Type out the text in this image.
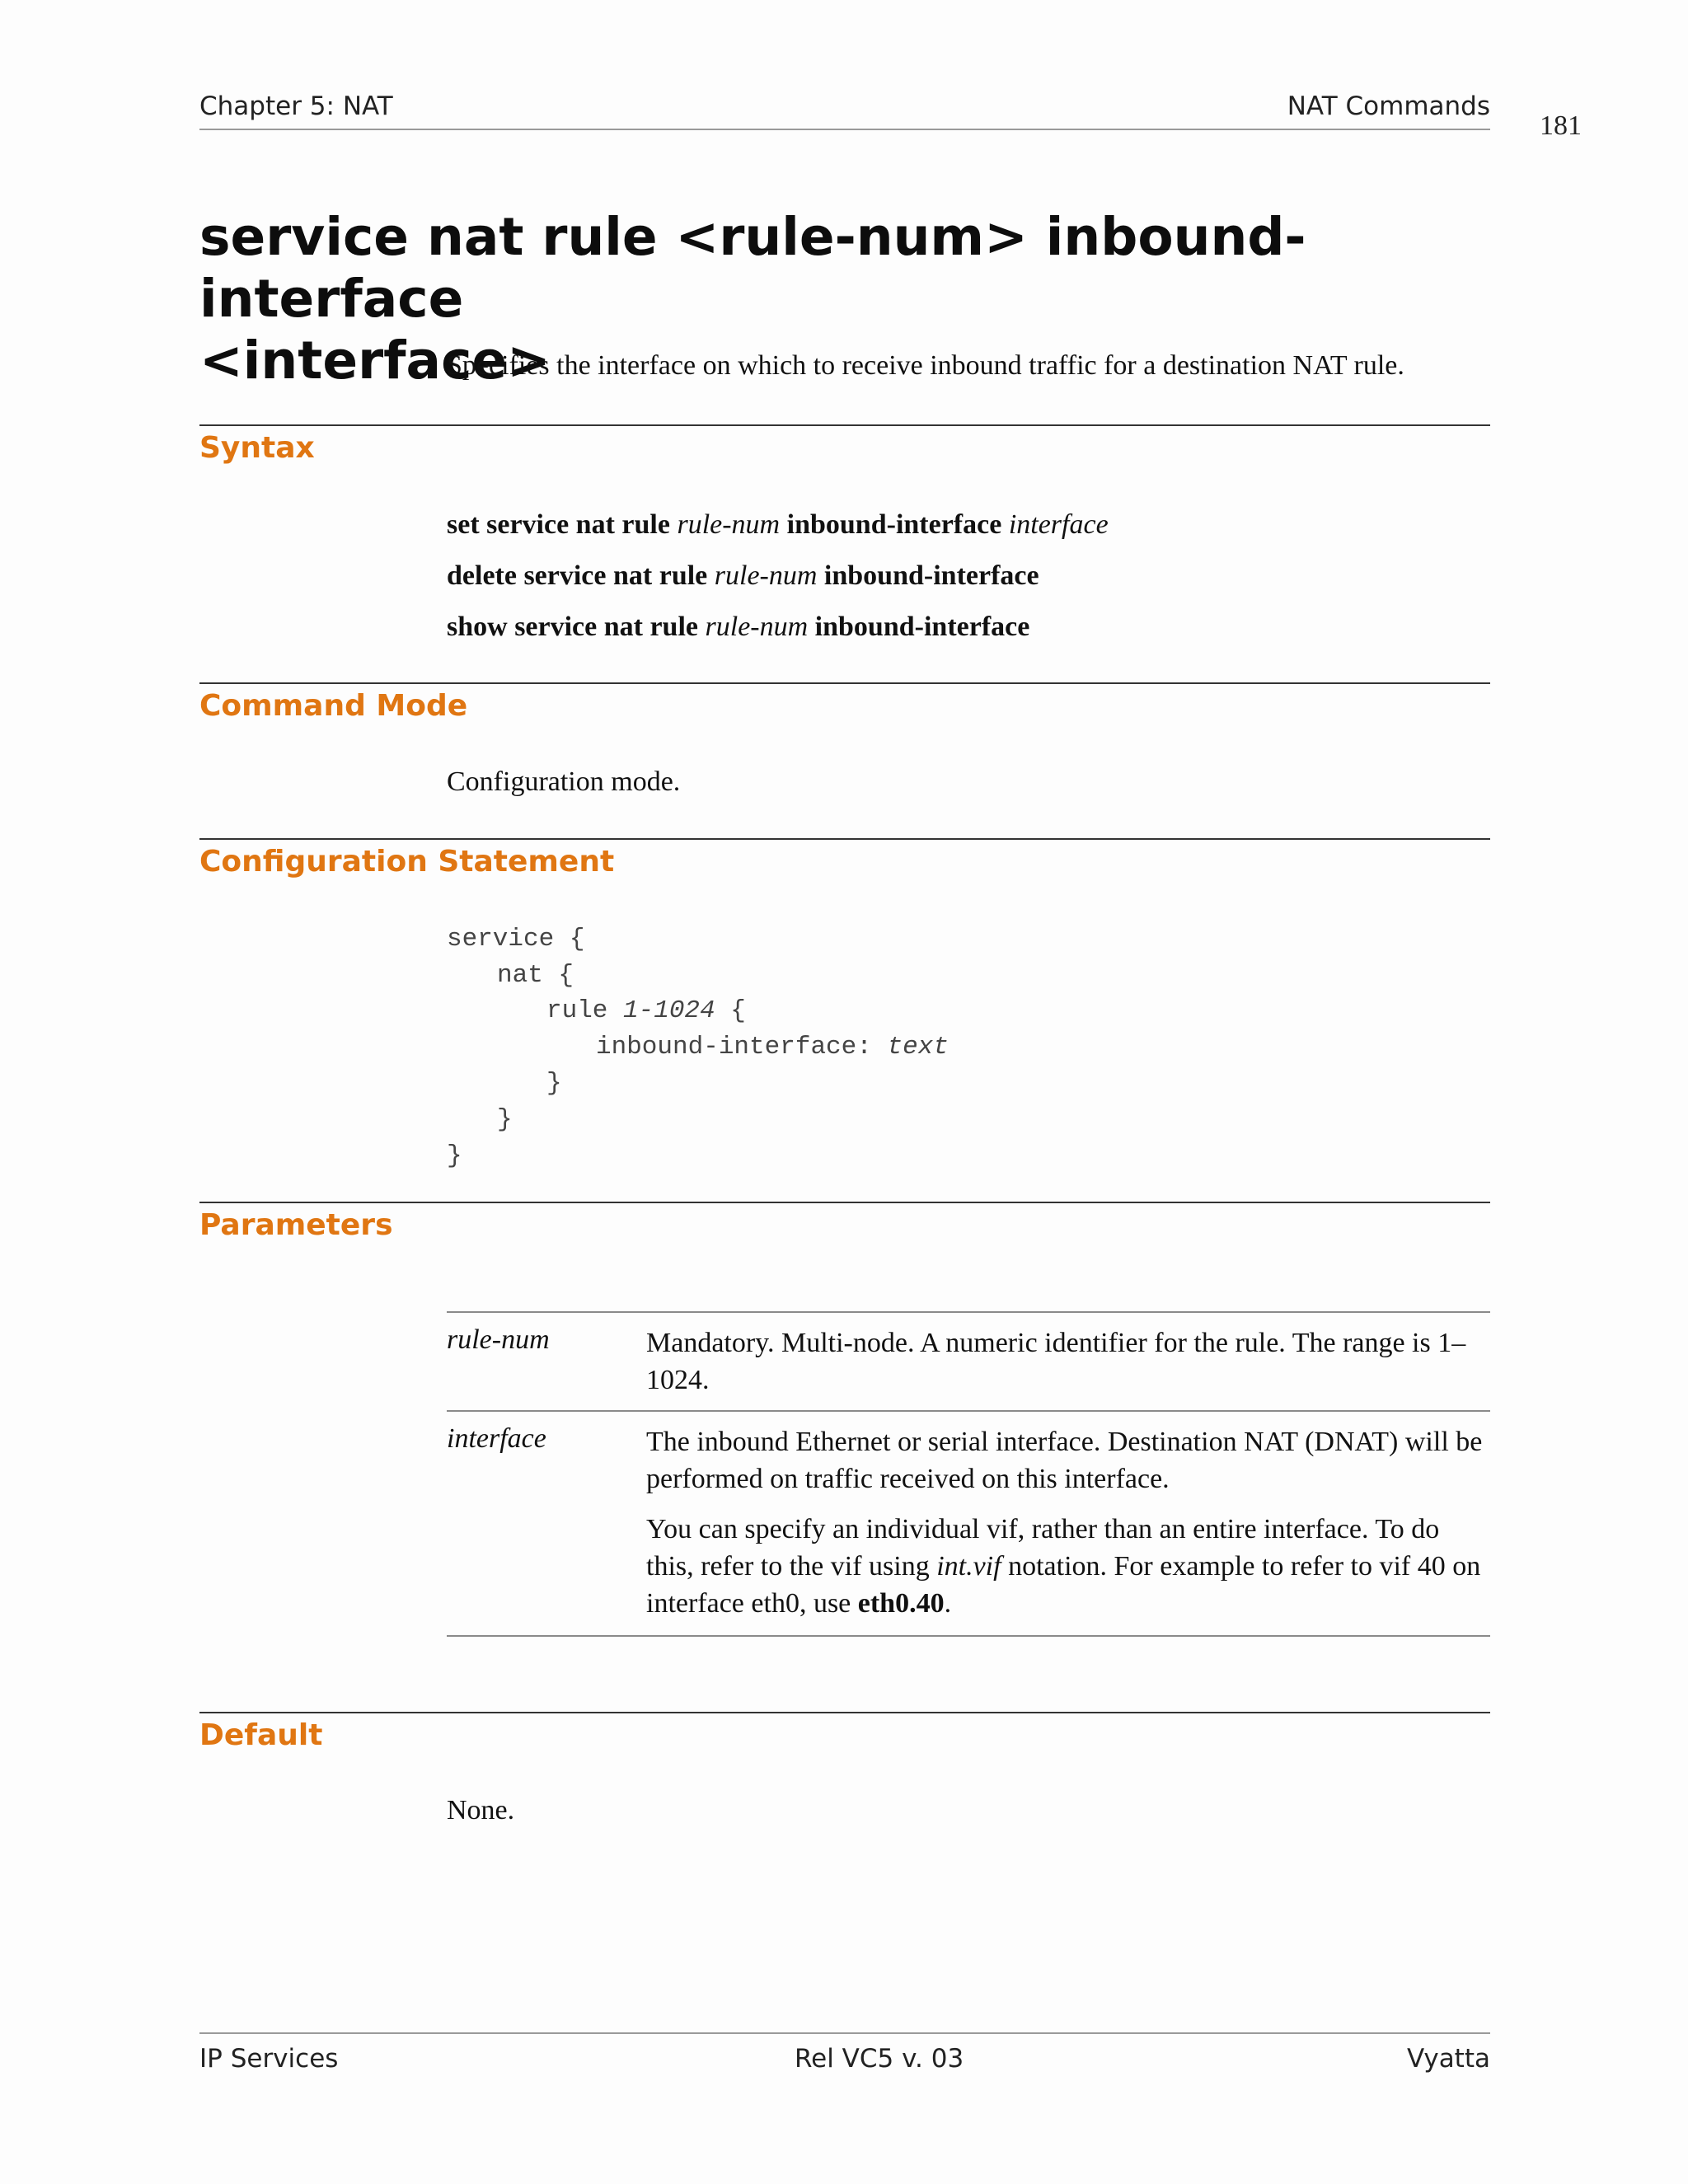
Chapter 5: NAT	NAT Commands
181
service nat rule <rule-num> inbound-interface
<interface>
Specifies the interface on which to receive inbound traffic for a destination NAT rule.
Syntax
set service nat rule rule-num inbound-interface interface
delete service nat rule rule-num inbound-interface
show service nat rule rule-num inbound-interface
Command Mode
Configuration mode.
Configuration Statement
service {
nat {
rule 1-1024 {
inbound-interface: text
}
}
}
Parameters
rule-num	Mandatory. Multi-node. A numeric identifier for the rule. The range is 1–1024.
interface	The inbound Ethernet or serial interface. Destination NAT (DNAT) will be performed on traffic received on this interface.

You can specify an individual vif, rather than an entire interface. To do this, refer to the vif using int.vif notation. For example to refer to vif 40 on interface eth0, use eth0.40.

Default
None.
IP Services	Rel VC5 v. 03	Vyatta
